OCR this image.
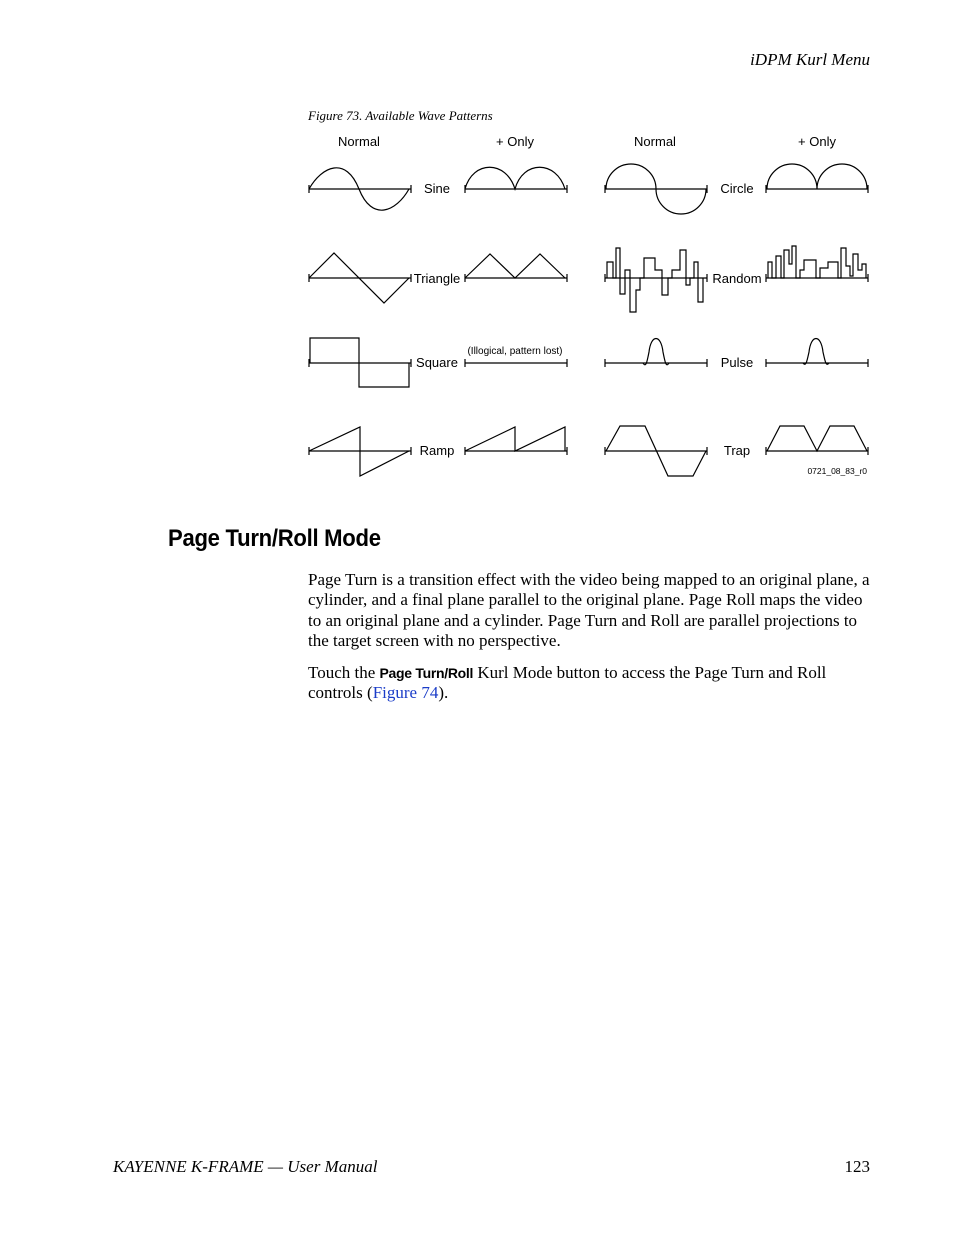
iDPM Kurl Menu
Figure 73. Available Wave Patterns
Normal	+ Only	Normal	+ Only
Sine
Triangle
Square
Ramp
Circle
Random
Pulse
Trap
(Illogical, pattern lost)
0721_08_83_r0
Page Turn/Roll Mode

Page Turn is a transition effect with the video being mapped to an original plane, a cylinder, and a final plane parallel to the original plane. Page Roll maps the video to an original plane and a cylinder. Page Turn and Roll are parallel projections to the target screen with no perspective.

Touch the Page Turn/Roll Kurl Mode button to access the Page Turn and Roll controls (Figure 74).

KAYENNE K-FRAME — User Manual	123
